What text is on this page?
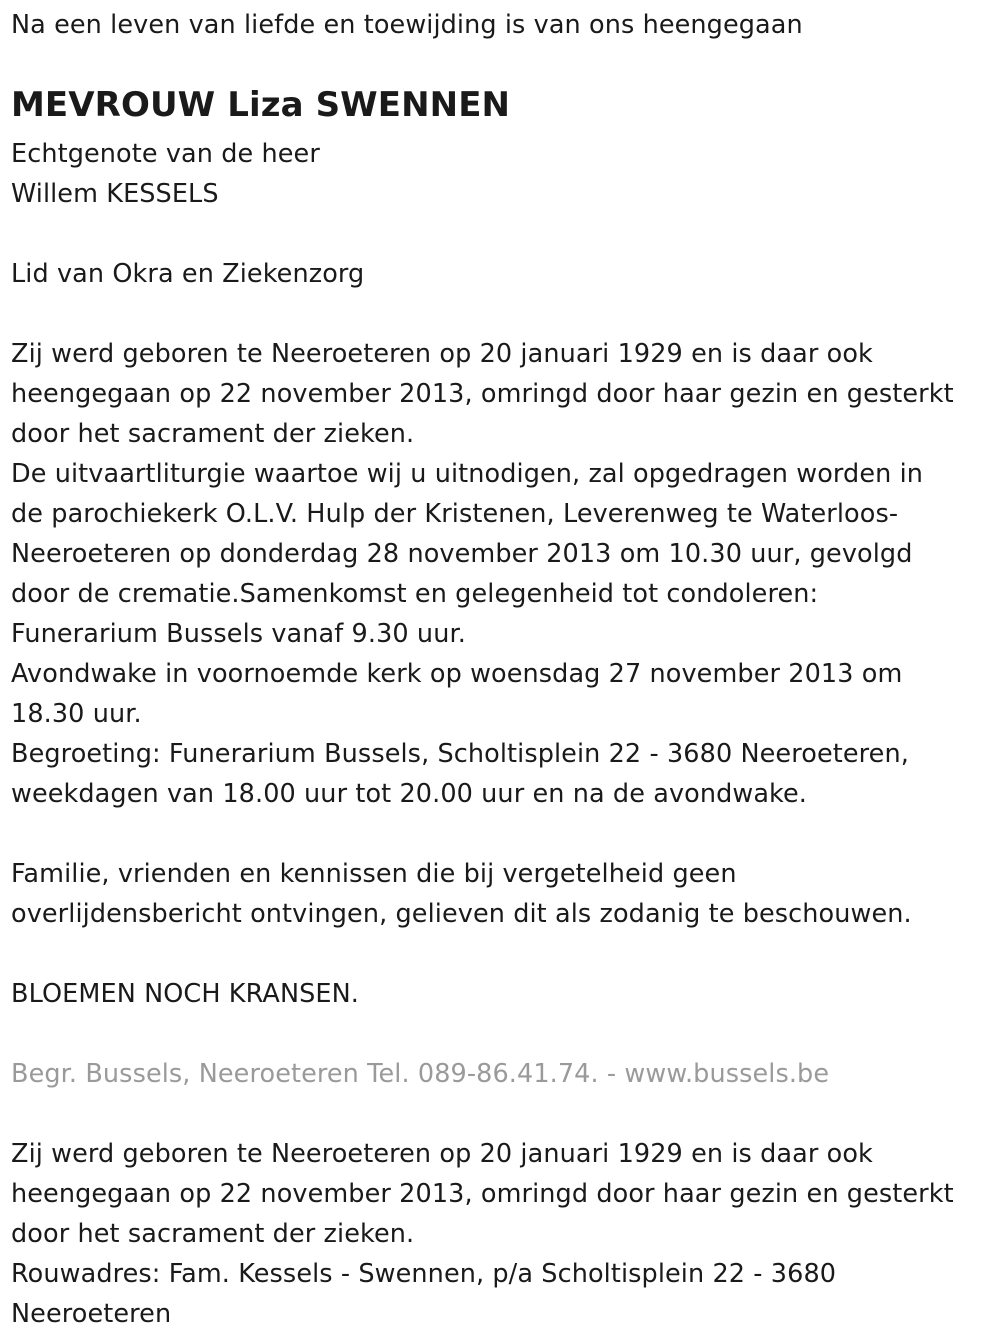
Na een leven van liefde en toewijding is van ons heengegaan
MEVROUW Liza SWENNEN
Echtgenote van de heer
Willem KESSELS
Lid van Okra en Ziekenzorg
Zij werd geboren te Neeroeteren op 20 januari 1929 en is daar ook
heengegaan op 22 november 2013, omringd door haar gezin en gesterkt
door het sacrament der zieken.
De uitvaartliturgie waartoe wij u uitnodigen, zal opgedragen worden in
de parochiekerk O.L.V. Hulp der Kristenen, Leverenweg te Waterloos-
Neeroeteren op donderdag 28 november 2013 om 10.30 uur, gevolgd
door de crematie.Samenkomst en gelegenheid tot condoleren:
Funerarium Bussels vanaf 9.30 uur.
Avondwake in voornoemde kerk op woensdag 27 november 2013 om
18.30 uur.
Begroeting: Funerarium Bussels, Scholtisplein 22 - 3680 Neeroeteren,
weekdagen van 18.00 uur tot 20.00 uur en na de avondwake.
Familie, vrienden en kennissen die bij vergetelheid geen
overlijdensbericht ontvingen, gelieven dit als zodanig te beschouwen.
BLOEMEN NOCH KRANSEN.
Begr. Bussels, Neeroeteren Tel. 089-86.41.74. - www.bussels.be
Zij werd geboren te Neeroeteren op 20 januari 1929 en is daar ook
heengegaan op 22 november 2013, omringd door haar gezin en gesterkt
door het sacrament der zieken.
Rouwadres: Fam. Kessels - Swennen, p/a Scholtisplein 22 - 3680
Neeroeteren
